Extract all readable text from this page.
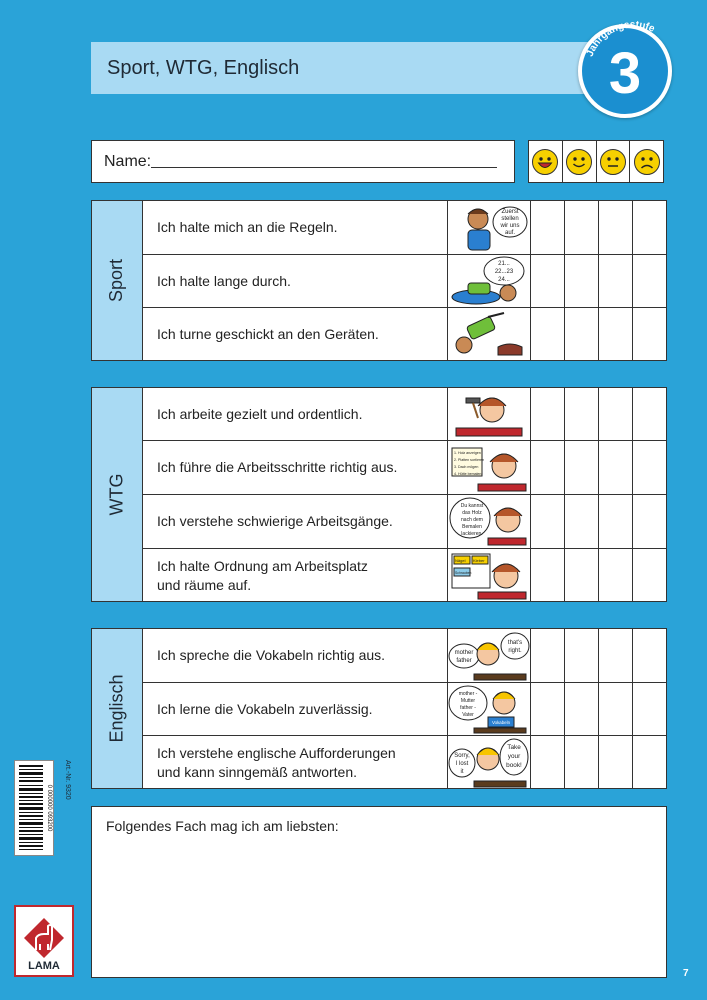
Sport, WTG, Englisch
Jahrgangsstufe
3
Name:
Sport
Ich halte mich an die Regeln.
Zuerst
stellen
wir uns
auf.
Ich halte lange durch.
21...
22...23
24...
Ich turne geschickt an den Geräten.
WTG
Ich arbeite gezielt und ordentlich.
Ich führe die Arbeitsschritte richtig aus.
1. Holz anzeigen
2. Platten sortieren
3. Dach mögen
4. Hütte bemalen
Ich verstehe schwierige Arbeitsgänge.
Du kannst
das Holz
nach dem
Bemalen
lackieren.
Ich halte Ordnung am Arbeitsplatz
und räume auf.
Nägel Kleber
Schrauben
Englisch
Ich spreche die Vokabeln richtig aus.	mother
father
that's
right.
Ich lerne die Vokabeln zuverlässig.
mother -
Mutter
father -
Vater
Vokabeln
Ich verstehe englische Aufforderungen
und kann sinngemäß antworten.
Sorry,
I lost
it
Take
your
book!
Folgendes Fach mag ich am liebsten:
0 000000 093200
Art.-Nr. 9320
LAMA
7
